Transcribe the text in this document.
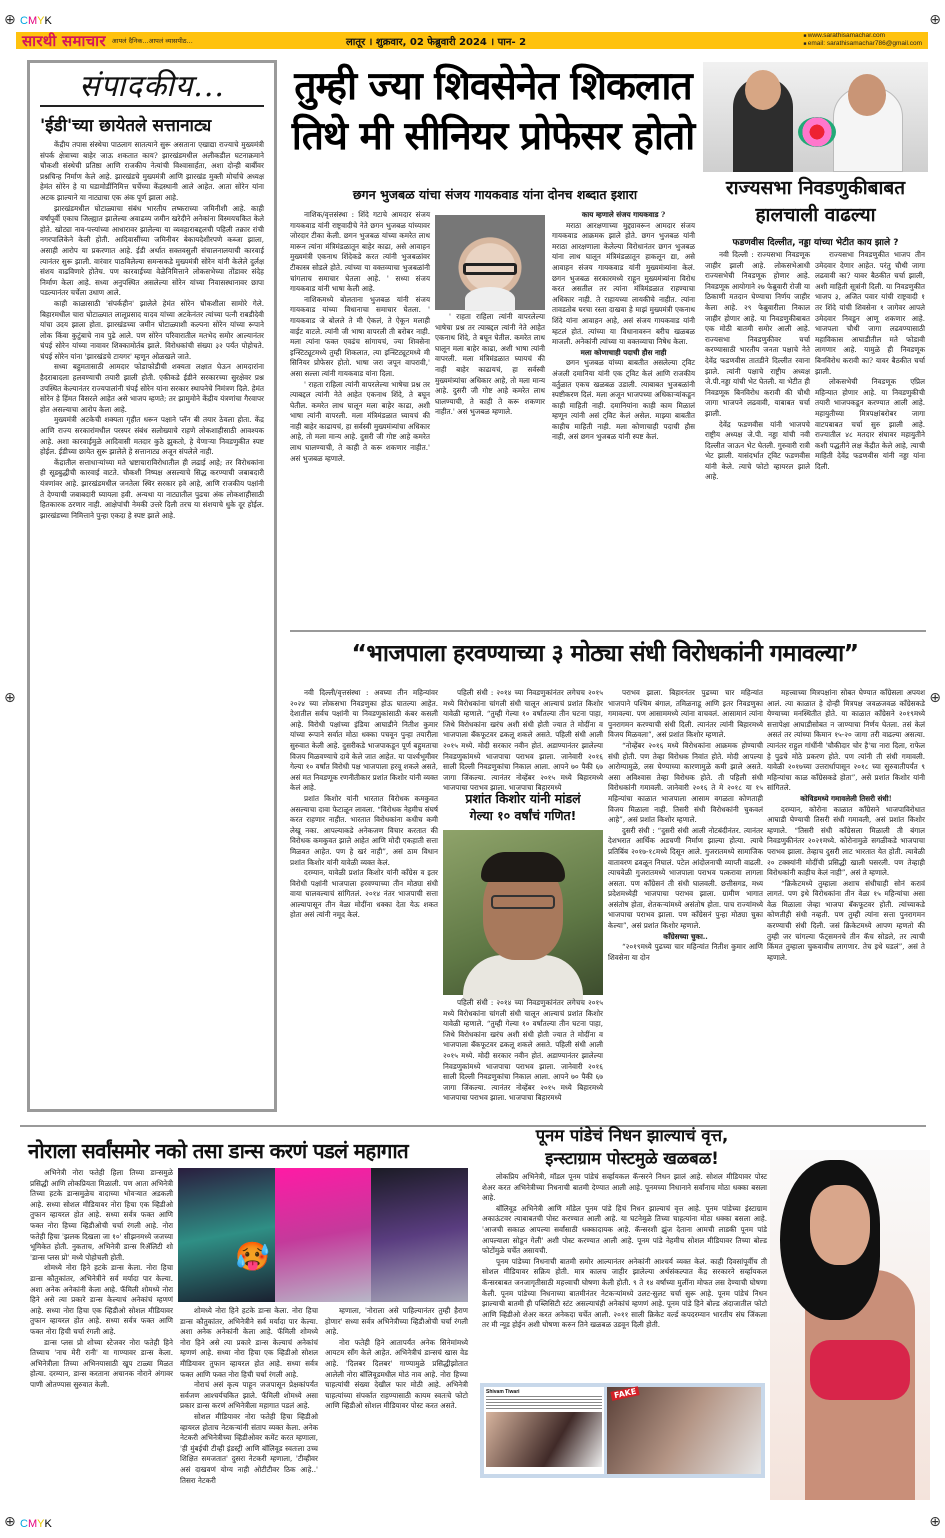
⊕	⊕
⊕	⊕
⊕	⊕
CMYK
CMYK
सारथी समाचार आपलं दैनिक...आपलं व्यासपीठ...	लातूर । शुक्रवार, 02 फेब्रुवारी 2024 । पान- 2
■ www.sarathisamachar.com
■ email: sarathisamachar786@gmail.com
संपादकीय...
'ईडी'च्या छायेतले सत्तानाट्य

केंद्रीय तपास संस्थेचा पाठलाग सातत्याने सुरू असताना एखाद्या राज्याचे मुख्यमंत्री संपर्क क्षेत्राच्या बाहेर जाऊ शकतात काय? झारखंडमधील अलीकडील घटनाक्रमाने चौकशी संस्थेची प्रतिष्ठा आणि राजकीय नेत्यांची विश्वासार्हता, अशा दोन्ही बाबींवर प्रश्नचिन्ह निर्माण केले आहे. झारखंडचे मुख्यमंत्री आणि झारखंड मुक्ती मोर्चाचे अध्यक्ष हेमंत सोरेन हे या घडामोडींनिमित्त चर्चेच्या केंद्रस्थानी आले आहेत. आता सोरेन यांना अटक झाल्याने या नाट्याचा एक अंक पूर्ण झाला आहे.

झारखंडमधील घोटाळ्याचा संबंध भारतीय लष्कराच्या जमिनीशी आहे. काही वर्षांपूर्वी एकाच जिल्ह्यात झालेल्या अवाढव्य जमीन खरेदीने अनेकांना विस्मयचकित केले होते. खोट्या नाव-पत्त्यांच्या आधारावर झालेल्या या व्यवहाराबद्दलची पहिली तक्रार रांची नगरपालिकेने केली होती. आदिवासींच्या जमिनीवर बेकायदेशीरपणे कब्जा झाला, असाही आरोप या प्रकरणात आहे. ईडी अर्थात सक्तवसुली संचालनालयाची कारवाई त्यानंतर सुरू झाली. वारंवार पाठविलेल्या समन्सकडे मुख्यमंत्री सोरेन यांनी केलेले दुर्लक्ष संशय वाढविणारे होतेच. पण कारवाईच्या वेळेनिमित्ताने लोकसभेच्या तोंडावर संदेह निर्माण केला आहे. सध्या अनुपस्थित असलेल्या सोरेन यांच्या निवासस्थानावर छापा पडल्यानंतर चर्चेला उधाण आले.

काही काळासाठी 'संपर्कहीन' झालेले हेमंत सोरेन चौकशीला सामोरे गेले. बिहारमधील चारा घोटाळ्यात लालूप्रसाद यादव यांच्या अटकेनंतर त्यांच्या पत्नी राबडीदेवी यांचा उदय झाला होता. झारखंडच्या जमीन घोटाळ्याशी कल्पना सोरेन यांच्या रूपाने लोक किंवा कुटुंबाचे नाव पुढे आले. पण सोरेन परिवारातील मतभेद समोर आल्यानंतर चंपई सोरेन यांच्या नावावर शिक्कामोर्तब झाले. विरोधकांची संख्या ३२ पर्यंत पोहोचते. चंपई सोरेन यांना 'झारखंडचे टायगर' म्हणून ओळखले जाते.

सध्या बहुमतासाठी आमदार फोडाफोडीची शक्यता लक्षात घेऊन आमदारांना हैदराबादला हलवण्याची तयारी झाली होती. एकीकडे ईडीने सरकारच्या सुरक्षेवर प्रश्न उपस्थित केल्यानंतर राज्यपालांनी चंपई सोरेन यांना सरकार स्थापनेचे निमंत्रण दिले. हेमंत सोरेन हे हिंमत विसरले आहेत असे भाजप म्हणते; तर झामुमोने केंद्रीय यंत्रणांचा गैरवापर होत असल्याचा आरोप केला आहे.

मुख्यमंत्री अटकेची शक्यता गृहीत धरून पक्षाने प्लॅन बी तयार ठेवला होता. केंद्र आणि राज्य सरकारांमधील परस्पर संबंध सलोख्याचे राहणे लोकशाहीसाठी आवश्यक आहे. अशा कारवाईमुळे आदिवासी मतदार कुठे झुकतो, हे येणाऱ्या निवडणुकीत स्पष्ट होईल. ईडीच्या छायेत सुरू झालेले हे सत्तानाट्य अजून संपलेले नाही.

केंद्रातील सत्ताधाऱ्यांच्या मते भ्रष्टाचाराविरोधातील ही लढाई आहे; तर विरोधकांना ही सूडबुद्धीची कारवाई वाटते. चौकशी निष्पक्ष असल्याचे सिद्ध करण्याची जबाबदारी यंत्रणांवर आहे. झारखंडमधील जनतेला स्थिर सरकार हवे आहे, आणि राजकीय पक्षांनी ते देण्याची जबाबदारी घ्यायला हवी. अन्यथा या नाट्यातील पुढचा अंक लोकशाहीसाठी हितकारक ठरणार नाही. आक्षेपांची नेमकी उत्तरे दिली तरच या संशयाचे धुके दूर होईल. झारखंडच्या निमित्ताने पुन्हा एकदा हे स्पष्ट झाले आहे.

तुम्ही ज्या शिवसेनेत शिकलात
तिथे मी सीनियर प्रोफेसर होतो
छगन भुजबळ यांचा संजय गायकवाड यांना दोनच शब्दात इशारा

नाशिक/वृत्तसंस्था : शिंदे गटाचे आमदार संजय गायकवाड यांनी राष्ट्रवादीचे नेते छगन भुजबळ यांच्यावर जोरदार टीका केली. छगन भुजबळ यांच्या कमरेत लाथ मारून त्यांना मंत्रिमंडळातून बाहेर काढा, असे आवाहन मुख्यमंत्री एकनाथ शिंदेकडे करत त्यांनी भुजबळांवर टीकास्त्र सोडले होते. त्यांच्या या वक्तव्याचा भुजबळांनी चांगलाच समाचार घेतला आहे. ' सध्या संजय गायकवाड यांनी भाषा केली आहे.

नाशिकमध्ये बोलताना भुजबळ यांनी संजय गायकवाड यांच्या विधानाचा समाचार घेतला. ' गायकवाड जे बोलले ते मी ऐकलं, ते ऐकून मलाही वाईट वाटले. त्यांनी जी भाषा वापरली ती बरोबर नाही. मला त्यांना फक्त एवढंच सांगायचं, ज्या शिवसेना इन्स्टिट्यूटमध्ये तुम्ही शिकलात, त्या इन्स्टिट्यूटमध्ये मी सिनियर प्रोफेसर होतो. भाषा जरा जपून वापरावी,' असा सल्ला त्यांनी गायकवाड यांना दिला.

' राहता राहिला त्यांनी वापरलेल्या भाषेचा प्रश्न तर त्याबद्दल त्यांनी नेते आहेत एकनाथ शिंदे, ते बघून घेतील. कमरेत लाथ घालून मला बाहेर काढा, अशी भाषा त्यांनी वापरली. मला मंत्रिमंडळात घ्यायचं की नाही बाहेर काढायचं, हा सर्वस्वी मुख्यमंत्र्यांचा अधिकार आहे, तो मला मान्य आहे. दुसरी जी गोष्ट आहे कमरेत लाथ घालण्याची, ते काही ते करू शकणार नाहीत.' असं भुजबळ म्हणाले.

' राहता राहिला त्यांनी वापरलेल्या भाषेचा प्रश्न तर त्याबद्दल त्यांनी नेते आहेत एकनाथ शिंदे, ते बघून घेतील. कमरेत लाथ घालून मला बाहेर काढा, अशी भाषा त्यांनी वापरली. मला मंत्रिमंडळात घ्यायचं की नाही बाहेर काढायचं, हा सर्वस्वी मुख्यमंत्र्यांचा अधिकार आहे, तो मला मान्य आहे. दुसरी जी गोष्ट आहे कमरेत लाथ घालण्याची, ते काही ते करू शकणार नाहीत.' असं भुजबळ म्हणाले.

काय म्हणाले संजय गायकवाड ?

मराठा आरक्षणाच्या मुद्द्यावरून आमदार संजय गायकवाड आक्रमक झाले होते. छगन भुजबळ यांनी मराठा आरक्षणाला केलेल्या विरोधानंतर छगन भुजबळ यांना लाथ घालून मंत्रिमंडळातून हाकलून द्या, असे आवाहन संजय गायकवाड यांनी मुख्यमंत्र्यांना केलं. छगन भुजबळ सरकारमध्ये राहून मुख्यमंत्र्यांना विरोध करत असतील तर त्यांना मंत्रिमंडळात राहण्याचा अधिकार नाही. ते राहायच्या लायकीचे नाहीत. त्यांना तावडतोब घरचा रस्ता दाखवा हे माझं मुख्यमंत्री एकनाथ शिंदे यांना आवाहन आहे, असं संजय गायकवाड यांनी म्हटलं होतं. त्यांच्या या विधानावरुन बरीच खळबळ माजली. अनेकांनी त्यांच्या या वक्तव्याचा निषेध केला.

मला कोणाचाही पदाची हौस नाही

छगन भुजबळ यांच्या बाबतीत असलेल्या ट्विट अंजली दमानिया यांनी एक ट्विट केलं आणि राजकीय वर्तुळात एकच खळबळ उडाली. त्याबाबत भुजबळांनी स्पष्टीकरण दिलं. मला अजून भाजपच्या अधिकाऱ्यांकडून काही माहिती नाही. दमानियांना काही काम मिळालं म्हणून त्यांनी असं ट्विट केलं असेल. माझ्या बाबतीत काहीच माहिती नाही. मला कोणाचाही पदाची हौस नाही, असं छगन भुजबळ यांनी स्पष्ट केलं.

राज्यसभा निवडणुकीबाबत
हालचाली वाढल्या
फडणवीस दिल्लीत, नड्डा यांच्या भेटीत काय झाले ?

नवी दिल्ली : राज्यसभा निवडणूक जाहीर झाली आहे. लोकसभेआधी राज्यसभेची निवडणूक होणार आहे. निवडणूक आयोगाने २७ फेब्रुवारी रोजी या ठिकाणी मतदान घेण्याचा निर्णय जाहीर केला आहे. २९ फेब्रुवारीला निकाल जाहीर होणार आहे. या निवडणुकीबाबत एक मोठी बातमी समोर आली आहे. राज्यसभा निवडणुकीवर चर्चा करण्यासाठी भारतीय जनता पक्षाचे नेते देवेंद्र फडणवीस तातडीने दिल्लीत रवाना झाले. त्यांनी पक्षाचे राष्ट्रीय अध्यक्ष जे.पी.नड्डा यांची भेट घेतली. या भेटीत ही निवडणूक बिनविरोध करावी की चौथी जागा भाजपने लढवावी, याबाबत चर्चा झाली.

देवेंद्र फडणवीस यांनी भाजपचे राष्ट्रीय अध्यक्ष जे.पी. नड्डा यांची नवी दिल्लीत जाऊन भेट घेतली. गुरुवारी रात्री भेट झाली. यासंदर्भात ट्विट फडणवीस यांनी केले. त्याचे फोटो व्हायरल झाले आहे.

राज्यसभा निवडणुकीत भाजप तीन उमेदवार देणार आहेत. परंतु चौथी जागा लढवावी का? यावर बैठकीत चर्चा झाली, अशी माहिती सूत्रांनी दिली. या निवडणुकीत भाजप ३, अजित पवार यांची राष्ट्रवादी १ तर शिंदे यांची शिवसेना १ जागेवर आपले उमेदवार निवडून आणू शकणार आहे. भाजपला चौथी जागा लढवण्यासाठी महाविकास आघाडीतील मते फोडावी लागणार आहे. यामुळे ही निवडणूक बिनविरोध करावी का? यावर बैठकीत चर्चा झाली.

लोकसभेची निवडणूक एप्रिल महिन्यात होणार आहे. या निवडणुकीची तयारी भाजपकडून करण्यात आली आहे. महायुतीच्या मित्रपक्षांबरोबर जागा वाटपबाबत चर्चा सुरु झाली आहे. राज्यातील ४८ मतदार संघावर महायुतीने कशी पद्धतीने लक्ष केंद्रीत केले आहे, त्याची माहिती देवेंद्र फडणवीस यांनी नड्डा यांना दिली.

“भाजपाला हरवण्याच्या ३ मोठ्या संधी विरोधकांनी गमावल्या”

नवी दिल्ली/वृत्तसंस्था : अवघ्या तीन महिन्यांवर २०२४ च्या लोकसभा निवडणुका होऊ घातल्या आहेत. देशातील सर्वच पक्षांनी या निवडणुकांसाठी कंबर कसली आहे. विरोधी पक्षांच्या इंडिया आघाडीने नितीश कुमार यांच्या रूपाने सर्वात मोठा धक्का पचवून पुन्हा तयारीला सुरुवात केली आहे. दुसरीकडे भाजपाकडून पूर्ण बहुमताचा विजय मिळवण्याचे दावे केले जात आहेत. या पार्श्वभूमीवर गेल्या १० वर्षांत विरोधी पक्ष भाजपाला हरवू शकले असते, असं मत निवडणूक रणनीतीकार प्रशांत किशोर यांनी व्यक्त केलं आहे.

प्रशांत किशोर यांनी भारतात विरोधक कमकुवत असल्याचा दावा फेटाळून लावला. “विरोधक नेहमीच संघर्ष करत राहणार नाहीत. भारतात विरोधकांना कधीच कमी लेखू नका. आपल्याकडे अनेकजण विचार करतात की विरोधक कमकुवत झाले आहेत आणि मोदी एकहाती सत्ता मिळवत आहेत. पण हे खरं नाही”, असं ठाम विधान प्रशांत किशोर यांनी यावेळी व्यक्त केलं.

दरम्यान, यावेळी प्रशांत किशोर यांनी काँग्रेस व इतर विरोधी पक्षांनी भाजपाला हरवण्याच्या तीन मोठ्या संधी वाया घालवल्याचं सांगितलं. २०१४ नंतर भाजपाची सत्ता आल्यापासून तीन वेळा मोदींना धक्का देता येऊ शकत होता असं त्यांनी नमूद केलं.

पहिली संधी : २०१४ च्या निवडणुकांनंतर लगेचच २०१५ मध्ये विरोधकांना चांगली संधी चालून आल्याचं प्रशांत किशोर यावेळी म्हणाले. “तुम्ही गेल्या १० वर्षांतल्या तीन घटना पाहा, जिथे विरोधकांना खरंच अशी संधी होती ज्यात ते मोदींना व भाजपाला बॅकफूटवर ढकलू शकले असते. पहिली संधी आली २०१५ मध्ये. मोदी सरकार नवीन होतं. अडाण्यानंतर झालेल्या निवडणुकांमध्ये भाजपाचा पराभव झाला. जानेवारी २०१६ साली दिल्ली निवडणुकांचा निकाल आला. आपने ७० पैकी ६७ जागा जिंकल्या. त्यानंतर नोव्हेंबर २०१५ मध्ये बिहारमध्ये भाजपाचा पराभव झाला. भाजपाचा बिहारमध्ये

प्रशांत किशोर यांनी मांडलं
गेल्या १० वर्षांचं गणित!

पहिली संधी : २०१४ च्या निवडणुकांनंतर लगेचच २०१५ मध्ये विरोधकांना चांगली संधी चालून आल्याचं प्रशांत किशोर यावेळी म्हणाले. “तुम्ही गेल्या १० वर्षांतल्या तीन घटना पाहा, जिथे विरोधकांना खरंच अशी संधी होती ज्यात ते मोदींना व भाजपाला बॅकफूटवर ढकलू शकले असते. पहिली संधी आली २०१५ मध्ये. मोदी सरकार नवीन होतं. अडाण्यानंतर झालेल्या निवडणुकांमध्ये भाजपाचा पराभव झाला. जानेवारी २०१६ साली दिल्ली निवडणुकांचा निकाल आला. आपने ७० पैकी ६७ जागा जिंकल्या. त्यानंतर नोव्हेंबर २०१५ मध्ये बिहारमध्ये भाजपाचा पराभव झाला. भाजपाचा बिहारमध्ये

पराभव झाला. बिहारनंतर पुढच्या चार महिन्यांत भाजपाने पश्चिम बंगाल, तमिळनाडू आणि इतर निवडणुका गमावल्या. पण आसाममध्ये त्यांना वाचवलं. आसामानं त्यांना पुनरागमन करण्याची संधी दिली. त्यानंतर त्यांनी बिहारमध्ये विजय मिळवला”, असं प्रशांत किशोर म्हणाले.

“नोव्हेंबर २०१६ मध्ये विरोधकांना आक्रमक होण्याची संधी होती. पण तेव्हा विरोधक निवांत होते. मोदी आपल्या आरोग्यामुळे, लस घेण्याच्या कारणामुळे कमी झाले असते. असा अविश्वास तेव्हा विरोधक होते. ती पहिली संधी विरोधकांनी गमावली. जानेवारी २०१६ ते मे २०१८ या १५ महिन्यांचा काळात भाजपाला आसाम वगळता कोणताही विजय मिळाला नाही. तिसरी संधी विरोधकांनी चुकवलं आहे”, असं प्रशांत किशोर म्हणाले.

दुसरी संधी : “दुसरी संधी आली नोटबंदीनंतर. त्यानंतर देशभरात आर्थिक अडचणी निर्माण झाल्या होत्या. त्याचे प्रतिबिंब २०१७-१८मध्ये दिसून आले. गुजरातमध्ये सामाजिक वातावरण ढवळून निघालं. पटेल आंदोलनाची व्याप्ती वाढली. त्याचवेळी गुजरातमध्ये भाजपाला पराभव पत्करावा लागला असता. पण काँग्रेसनं ती संधी घालवली. छत्तीसगड, मध्य प्रदेशमध्येही भाजपाचा पराभव झाला. ग्रामीण भागात असंतोष होता, शेतकऱ्यांमध्ये असंतोष होता. पाच राज्यांमध्ये भाजपाचा पराभव झाला. पण काँग्रेसनं पुन्हा मोठ्या चुका केल्या”, असं प्रशांत किशोर म्हणाले.

काँग्रेसच्या चुका..

“२०१९मध्ये पुढच्या चार महिन्यांत नितीश कुमार आणि शिवसेना या दोन

महत्त्वाच्या मित्रपक्षांना सोबत घेण्यात काँग्रेसला अपयश आलं. त्या काळात हे दोन्ही मित्रपक्ष जवळजवळ काँग्रेसकडे येण्याच्या मनस्थितीत होते. या काळात काँग्रेसने २०१९मध्ये सत्तापेक्षा आघाडीसोबत न जाण्याचा निर्णय घेतला. तसं केलं असतं तर त्यांच्या किमान १५-२० जागा तरी वाढल्या असत्या. त्यानंतर राहुल गांधींनी 'चौकीदार चोर है'चा नारा दिला, राफेल हे पुढचे मोठे प्रकरण होते. पण त्यांनी ती संधी गमावली. यावेळी २०१७च्या उत्तरार्धापासून २०१८ च्या सुरुवातीपर्यंत ९ महिन्यांचा काळ काँग्रेसकडे होता”, असे प्रशांत किशोर यांनी सांगितले.

कोविडमध्ये गमावलेली तिसरी संधी!

दरम्यान, कोरोना काळात काँग्रेसने भाजपाविरोधात आघाडी घेण्याची तिसरी संधी गमावली, असं प्रशांत किशोर म्हणाले. “तिसरी संधी काँग्रेसला मिळाली ती बंगाल निवडणुकीनंतर २०२१मध्ये. कोरोनामुळे सगळीकडे भाजपाचा पराभव झाला. तेव्हाच दुसरी लाट भारतात येत होती. त्यावेळी २० टक्क्यांनी मोदींची प्रसिद्धी खाली घसरली. पण तेव्हाही विरोधकांनी काहीच केलं नाही”, असं ते म्हणाले.

“क्रिकेटमध्ये तुम्हाला अशाच संधीचाही सोनं करावं लागतं. पण इथे विरोधकांना तीन वेळा १५ महिन्यांचा असा वेळ मिळाला जेव्हा भाजपा बॅकफूटवर होती. त्यांच्याकडे कोणतीही संधी नव्हती. पण तुम्ही त्यांना सत्ता पुनरागमन करण्याची संधी दिली. जसं क्रिकेटमध्ये आपण म्हणतो की तुम्ही जर चांगल्या फॅट्समनचे तीन कॅच सोडले, तर त्याची किंमत तुम्हाला चुकवावीच लागणार. तेच इथे घडलं”, असं ते म्हणाले.

नोराला सर्वांसमोर नको तसा डान्स करणं पडलं महागात

अभिनेत्री नोरा फतेही हिला तिच्या डान्समुळे प्रसिद्धी आणि लोकप्रियता मिळाली. पण आता अभिनेत्री तिच्या हटके डान्समुळेच वादाच्या भोवऱ्यात अडकली आहे. सध्या सोशल मीडियावर नोरा हिचा एक व्हिडीओ तुफान व्हायरल होत आहे. सध्या सर्वत्र फक्त आणि फक्त नोरा हिच्या व्हिडीओची चर्चा रंगली आहे. नोरा फतेही हिचा 'झलक दिखला जा १०' सीझनमध्ये जजच्या भूमिकेत होती. नुकताच, अभिनेत्री डान्स रिॲलिटी शो 'डान्स प्लस प्रो' मध्ये पोहोचली होती.

शोमध्ये नोरा हिने हटके डान्स केला. नोरा हिचा डान्स कौतुकांतर, अभिनेत्रीने सर्व मर्यादा पार केल्या. अशा अनेक अनेकांनी केला आहे. फॅमिली शोमध्ये नोरा हिने असे त्या प्रकारे डान्स केल्याचं अनेकांचं म्हणणं आहे. सध्या नोरा हिचा एक व्हिडीओ सोशल मीडियावर तुफान व्हायरल होत आहे. सध्या सर्वत्र फक्त आणि फक्त नोरा हिची चर्चा रंगली आहे.

डान्स प्लस प्रो शोच्या स्टेजवर नोरा फतेही हिने तिच्याच 'नाच मेरी रानी' या गाण्यावर डान्स केला. अभिनेत्रीला तिच्या अभिनयासाठी खूप टाळ्या मिळत होत्या. दरम्यान, डान्स करताना अचानक नोराने अंगावर पाणी ओतण्यास सुरुवात केली.

🥵

शोमध्ये नोरा हिने हटके डान्स केला. नोरा हिचा डान्स कौतुकांतर, अभिनेत्रीने सर्व मर्यादा पार केल्या. अशा अनेक अनेकांनी केला आहे. फॅमिली शोमध्ये नोरा हिने असे त्या प्रकारे डान्स केल्याचं अनेकांचं म्हणणं आहे. सध्या नोरा हिचा एक व्हिडीओ सोशल मीडियावर तुफान व्हायरल होत आहे. सध्या सर्वत्र फक्त आणि फक्त नोरा हिची चर्चा रंगली आहे.

नोराचं असं कृत्य पाहून जजपासून प्रेक्षकांपर्यंत सर्वजण आश्चर्यचकित झाले. फॅमिली शोमध्ये असा प्रकार डान्स करणं अभिनेत्रीला महागात पडलं आहे.

सोशल मीडियावर नोरा फतेही हिचा व्हिडीओ व्हायरल होताच नेटकऱ्यांनी संताप व्यक्त केला. अनेक नेटकरी अभिनेत्रीच्या व्हिडीओवर कमेंट करत म्हणाला, 'ही मुंबईची टीव्ही इंडस्ट्री आणि बॉलिवूड स्वतःला उच्च शिक्षित समजतात' दुसरा नेटकरी म्हणाला, 'टीव्हीवर असं दाखवणं योग्य नाही ओटीटीवर ठिक आहे..' तिसरा नेटकरी

म्हणाला, 'नोराला असे पाहिल्यानंतर तुम्ही हैराण होणार' सध्या सर्वत्र अभिनेत्रीच्या व्हिडीओची चर्चा रंगली आहे.

नोरा फतेही हिने आतापर्यंत अनेक सिनेमांमध्ये आयटम सॉंग केले आहेत. अभिनेत्रीचं डान्सचं खास वेड आहे. 'दिलबर दिलबर' गाण्यामुळे प्रसिद्धीझोतात आलेली नोरा बॉलिवूडमधील मोठं नाव आहे. नोरा हिच्या चाहत्यांची संख्या देखील फार मोठी आहे. अभिनेत्री चाहत्यांच्या संपर्कात राहण्यासाठी कायम स्वतःचे फोटो आणि व्हिडीओ सोशल मीडियावर पोस्ट करत असते.

पूनम पांडेचं निधन झाल्याचं वृत्त,
इन्स्टाग्राम पोस्टमुळे खळबळ!

लोकप्रिय अभिनेत्री, मॉडल पूनम पांडेचं सर्व्हायकल कॅन्सरने निधन झालं आहे. सोशल मीडियावर पोस्ट शेअर करत अभिनेत्रीच्या निधनाची बातमी देण्यात आली आहे. पूनमच्या निधानाने सर्वांनाच मोठा धक्का बसला आहे.

बॉलिवूड अभिनेत्री आणि मॉडेल पूनम पांडे हिचं निधन झाल्याचं वृत्त आहे. पूनम पांडेच्या इंस्टाग्राम अकाऊंटवर त्याबाबतची पोस्ट करण्यात आली आहे. या घटनेमुळे तिच्या चाहत्यांना मोठा धक्का बसला आहे. 'आजची सकाळ आपल्या सर्वांसाठी धक्कादायक आहे. कॅन्सरशी झुंज देताना आमची लाडकी पूनम पांडे आपल्याला सोडून गेली' अशी पोस्ट करण्यात आली आहे. पूनम पांडे नेहमीच सोशल मीडियावर तिच्या बोल्ड फोटोंमुळे चर्चेत असायची.

पूनम पांडेच्या निधनाची बातमी समोर आल्यानंतर अनेकांनी आश्चर्य व्यक्त केलं. काही दिवसांपूर्वीच ती सोशल मीडियावर सक्रिय होती. मात्र कालच जाहीर झालेल्या अर्थसंकल्पात केंद्र सरकारने सर्व्हायकल कॅन्सरबाबत जनजागृतीसाठी महत्त्वाची घोषणा केली होती. ९ ते १४ वर्षांच्या मुलींना मोफत लस देण्याची घोषणा केली. पूनम पांडेच्या निधनाच्या बातमीनंतर नेटकऱ्यांमध्ये उलट-सुलट चर्चा सुरू आहे. पूनम पांडेचं निधन झाल्याची बातमी ही पब्लिसिटी स्टंट असल्याचंही अनेकांचं म्हणणं आहे. पूनम पांडे हिने बोल्ड अंदाजातील फोटो आणि व्हिडीओ शेअर करत अनेकदा चर्चेत आली. २०११ साली क्रिकेट वर्ल्ड कपदरम्यान भारतीय संघ जिंकला तर मी न्यूड होईन अशी घोषणा करुन तिने खळबळ उडवून दिली होती.

Shivam Tiwari	FAKE
